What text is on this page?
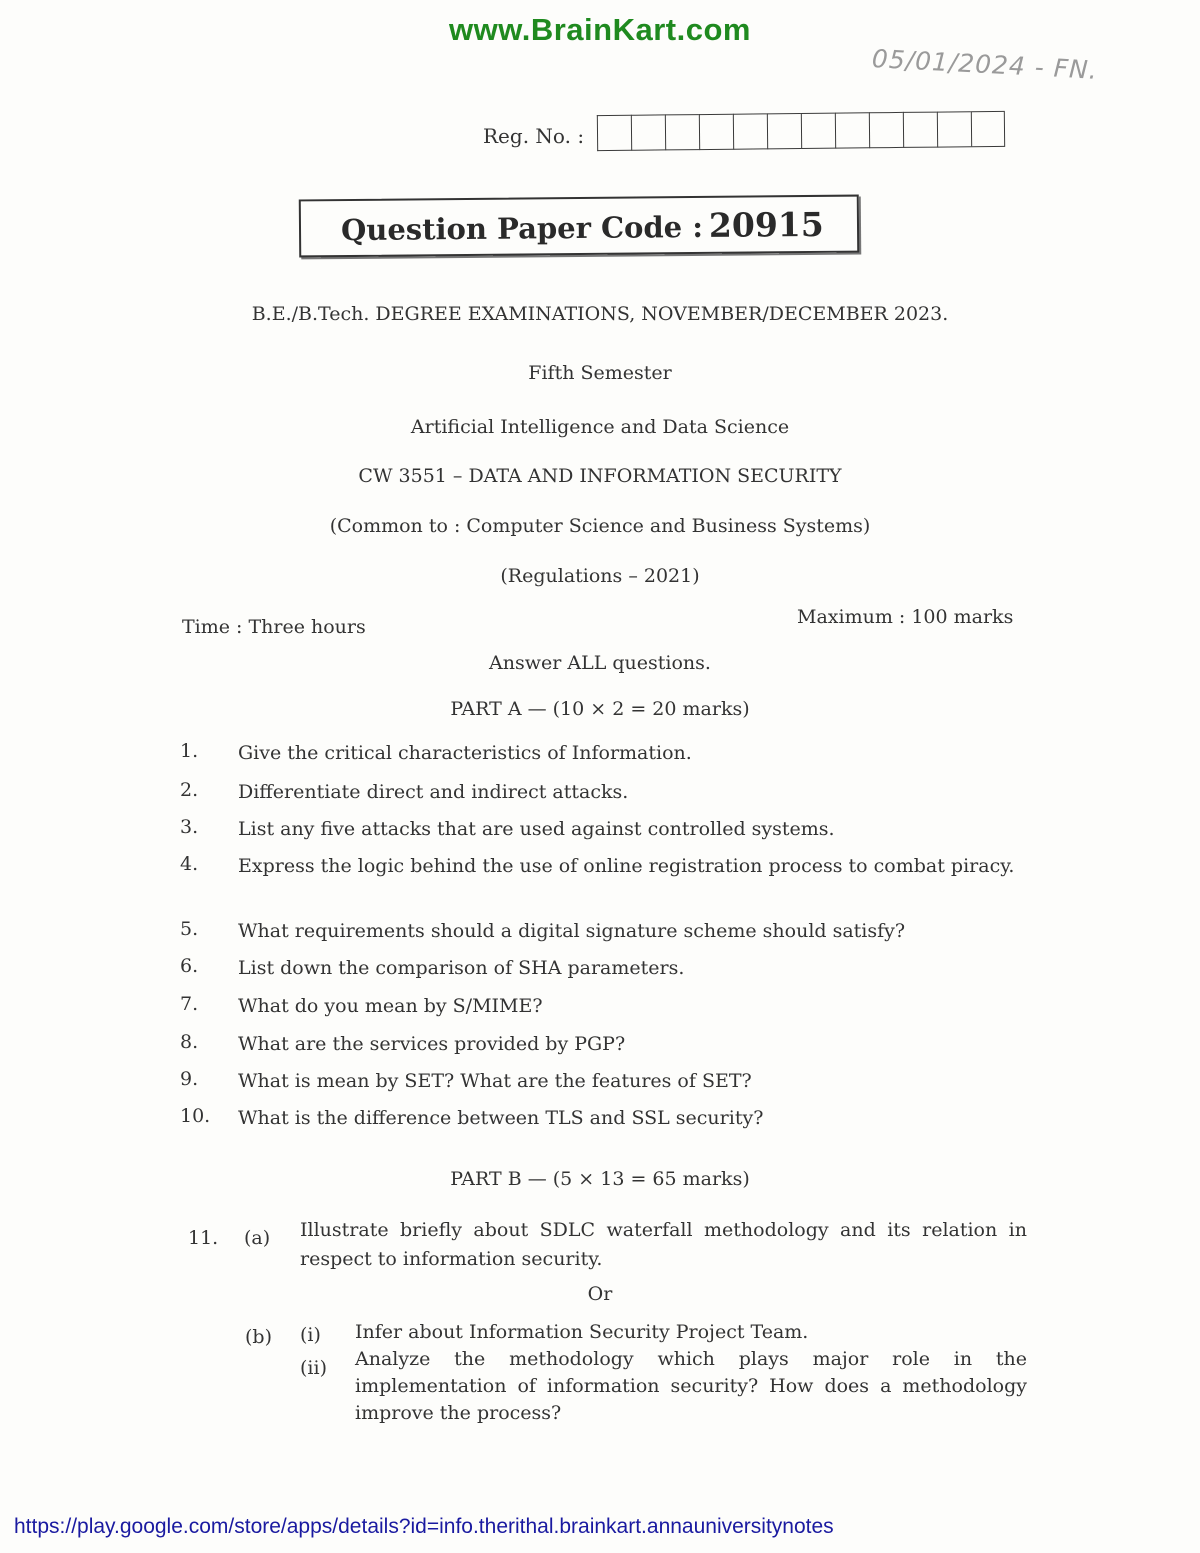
www.BrainKart.com
05/01/2024 - FN.
Reg. No. :
Question Paper Code : 20915
B.E./B.Tech. DEGREE EXAMINATIONS, NOVEMBER/DECEMBER 2023.
Fifth Semester
Artificial Intelligence and Data Science
CW 3551 – DATA AND INFORMATION SECURITY
(Common to : Computer Science and Business Systems)
(Regulations – 2021)
Time : Three hours	Maximum : 100 marks
Answer ALL questions.
PART A — (10 × 2 = 20 marks)
1. Give the critical characteristics of Information.
2. Differentiate direct and indirect attacks.
3. List any five attacks that are used against controlled systems.
4. Express the logic behind the use of online registration process to combat piracy.
5. What requirements should a digital signature scheme should satisfy?
6. List down the comparison of SHA parameters.
7. What do you mean by S/MIME?
8. What are the services provided by PGP?
9. What is mean by SET? What are the features of SET?
10. What is the difference between TLS and SSL security?
PART B — (5 × 13 = 65 marks)
11. (a) Illustrate briefly about SDLC waterfall methodology and its relation in respect to information security.
Or
(b) (i) Infer about Information Security Project Team.
(ii) Analyze the methodology which plays major role in the implementation of information security? How does a methodology improve the process?
https://play.google.com/store/apps/details?id=info.therithal.brainkart.annauniversitynotes
